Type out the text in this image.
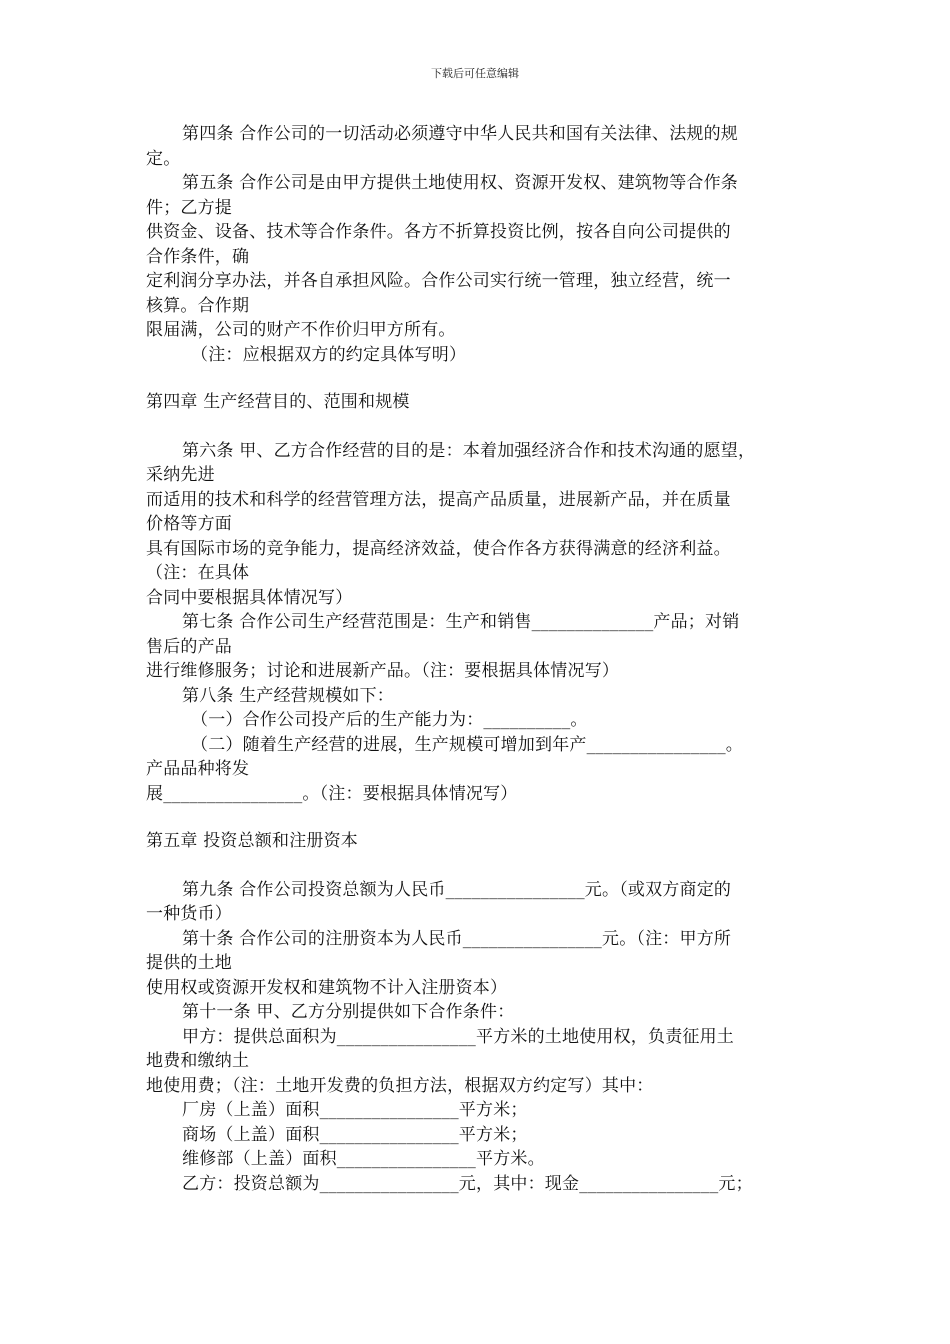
下载后可任意编辑
第四条 合作公司的一切活动必须遵守中华人民共和国有关法律、法规的规
定。
第五条 合作公司是由甲方提供土地使用权、资源开发权、建筑物等合作条
件；乙方提
供资金、设备、技术等合作条件。各方不折算投资比例，按各自向公司提供的
合作条件，确
定利润分享办法，并各自承担风险。合作公司实行统一管理，独立经营，统一
核算。合作期
限届满，公司的财产不作价归甲方所有。
（注：应根据双方的约定具体写明）
第四章 生产经营目的、范围和规模
第六条 甲、乙方合作经营的目的是：本着加强经济合作和技术沟通的愿望，
采纳先进
而适用的技术和科学的经营管理方法，提高产品质量，进展新产品，并在质量
价格等方面
具有国际市场的竞争能力，提高经济效益，使合作各方获得满意的经济利益。
（注：在具体
合同中要根据具体情况写）
第七条 合作公司生产经营范围是：生产和销售______________产品；对销
售后的产品
进行维修服务；讨论和进展新产品。（注：要根据具体情况写）
第八条 生产经营规模如下：
（一）合作公司投产后的生产能力为：__________。
（二）随着生产经营的进展，生产规模可增加到年产________________。
产品品种将发
展________________。（注：要根据具体情况写）
第五章 投资总额和注册资本
第九条 合作公司投资总额为人民币________________元。（或双方商定的
一种货币）
第十条 合作公司的注册资本为人民币________________元。（注：甲方所
提供的土地
使用权或资源开发权和建筑物不计入注册资本）
第十一条 甲、乙方分别提供如下合作条件：
甲方：提供总面积为________________平方米的土地使用权，负责征用土
地费和缴纳土
地使用费；（注：土地开发费的负担方法，根据双方约定写）其中：
厂房（上盖）面积________________平方米；
商场（上盖）面积________________平方米；
维修部（上盖）面积________________平方米。
乙方：投资总额为________________元，其中：现金________________元；
